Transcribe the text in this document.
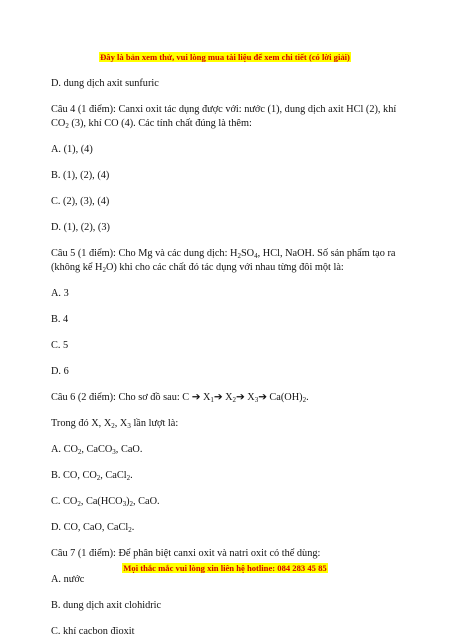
Đây là bản xem thử, vui lòng mua tài liệu để xem chi tiết (có lời giải)
D. dung dịch axit sunfuric
Câu 4 (1 điểm): Canxi oxit tác dụng được với: nước (1), dung dịch axit HCl (2), khí
$CO_2$ (3), khí CO (4). Các tính chất đúng là thêm:
A. (1), (4)
B. (1), (2), (4)
C. (2), (3), (4)
D. (1), (2), (3)
Câu 5 (1 điểm): Cho Mg và các dung dịch: $H_2SO_4$, HCl, NaOH. Số sản phẩm tạo ra
(không kể $H_2O$) khi cho các chất đó tác dụng với nhau từng đôi một là:
A. 3
B. 4
C. 5
D. 6
Câu 6 (2 điểm): Cho sơ đồ sau: C ➔ $X_1➔$ $X_2➔$ $X_3➔$ $Ca(OH)_2$.
Trong đó X, $X_2$, $X_3$ lần lượt là:
A. $CO_2$, CaCO$_3$, CaO.
B. CO, $CO_2$, CaCl$_2$.
C. $CO_2$, $Ca(HCO_3)_2$, CaO.
D. CO, CaO, CaCl$_2$.
Câu 7 (1 điểm): Để phân biệt canxi oxit và natri oxit có thể dùng:
A. nước
B. dung dịch axit clohidric
C. khí cacbon đioxit
Mọi thắc mắc vui lòng xin liên hệ hotline: 084 283 45 85
